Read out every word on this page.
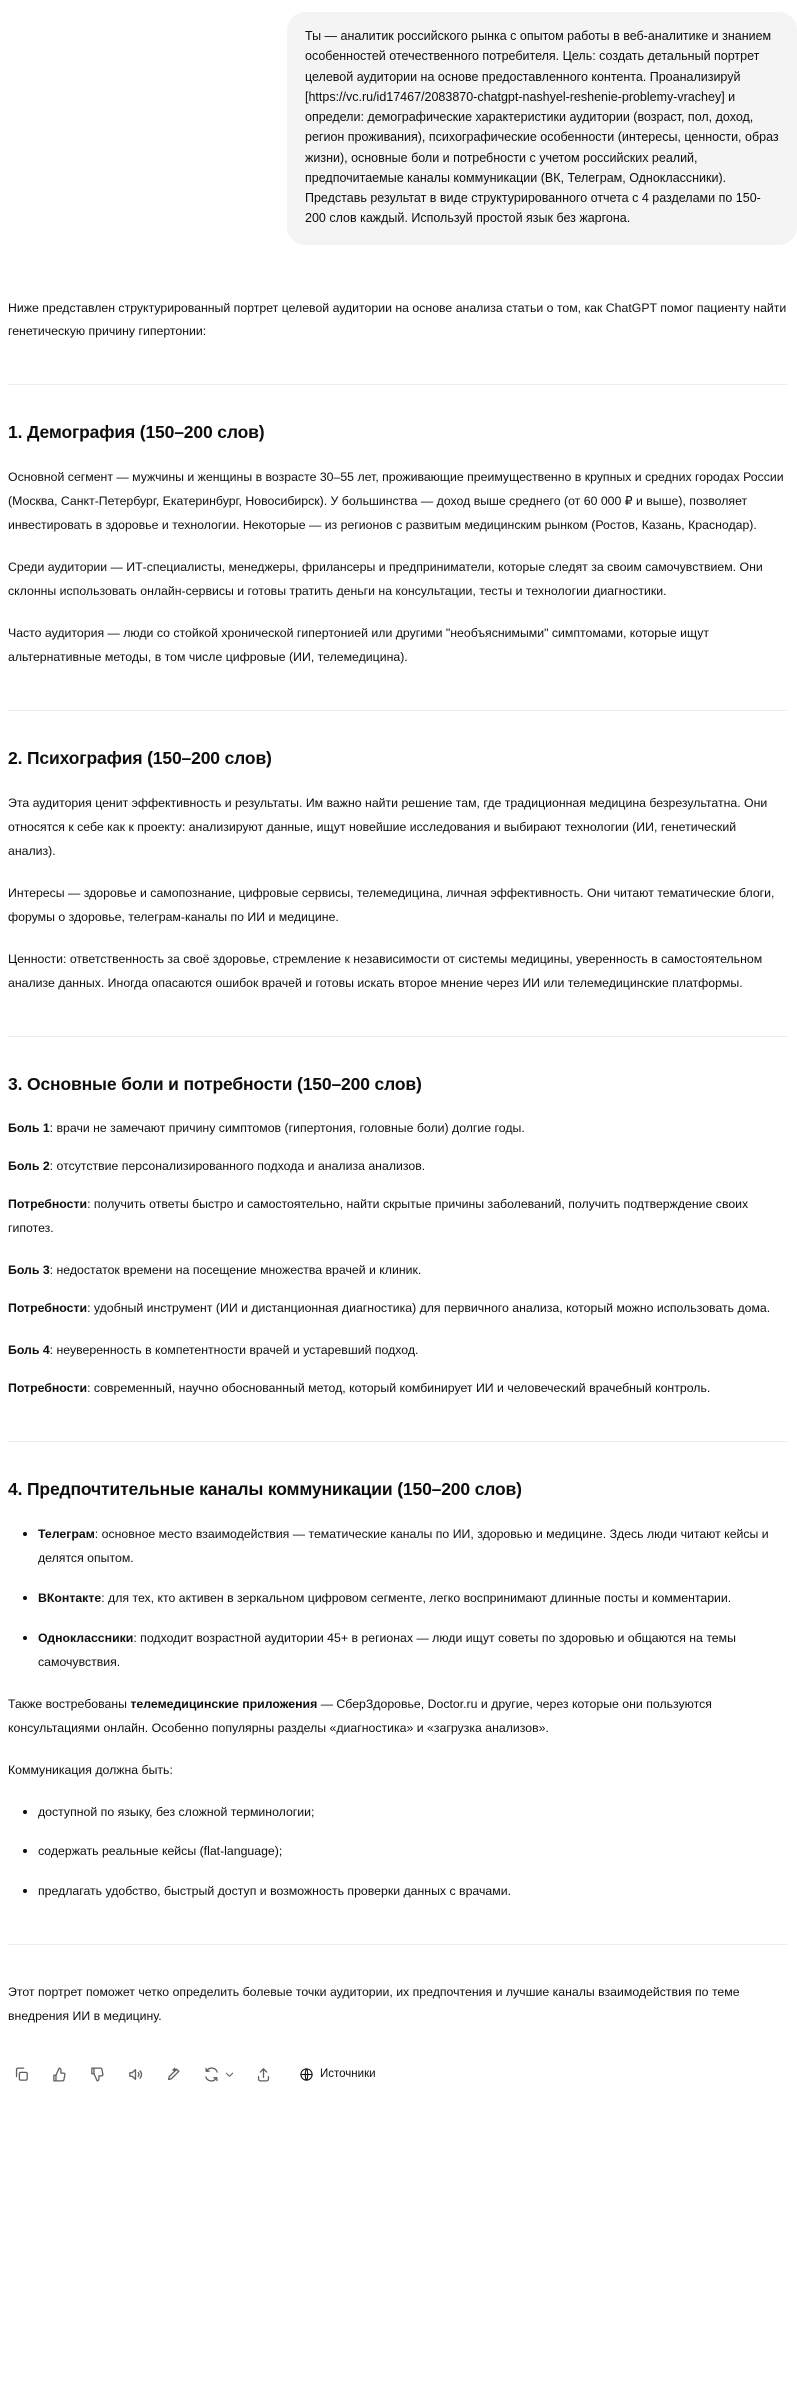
Ты — аналитик российского рынка с опытом работы в веб-аналитике и знанием особенностей отечественного потребителя. Цель: создать детальный портрет целевой аудитории на основе предоставленного контента. Проанализируй [https://vc.ru/id17467/2083870-chatgpt-nashyel-reshenie-problemy-vrachey] и определи: демографические характеристики аудитории (возраст, пол, доход, регион проживания), психографические особенности (интересы, ценности, образ жизни), основные боли и потребности с учетом российских реалий, предпочитаемые каналы коммуникации (ВК, Телеграм, Одноклассники). Представь результат в виде структурированного отчета с 4 разделами по 150-200 слов каждый. Используй простой язык без жаргона.

Ниже представлен структурированный портрет целевой аудитории на основе анализа статьи о том, как ChatGPT помог пациенту найти генетическую причину гипертонии:

1. Демография (150–200 слов)

Основной сегмент — мужчины и женщины в возрасте 30–55 лет, проживающие преимущественно в крупных и средних городах России (Москва, Санкт-Петербург, Екатеринбург, Новосибирск). У большинства — доход выше среднего (от 60 000 ₽ и выше), позволяет инвестировать в здоровье и технологии. Некоторые — из регионов с развитым медицинским рынком (Ростов, Казань, Краснодар).

Среди аудитории — ИТ-специалисты, менеджеры, фрилансеры и предприниматели, которые следят за своим самочувствием. Они склонны использовать онлайн-сервисы и готовы тратить деньги на консультации, тесты и технологии диагностики.

Часто аудитория — люди со стойкой хронической гипертонией или другими "необъяснимыми" симптомами, которые ищут альтернативные методы, в том числе цифровые (ИИ, телемедицина).

2. Психография (150–200 слов)

Эта аудитория ценит эффективность и результаты. Им важно найти решение там, где традиционная медицина безрезультатна. Они относятся к себе как к проекту: анализируют данные, ищут новейшие исследования и выбирают технологии (ИИ, генетический анализ).

Интересы — здоровье и самопознание, цифровые сервисы, телемедицина, личная эффективность. Они читают тематические блоги, форумы о здоровье, телеграм-каналы по ИИ и медицине.

Ценности: ответственность за своё здоровье, стремление к независимости от системы медицины, уверенность в самостоятельном анализе данных. Иногда опасаются ошибок врачей и готовы искать второе мнение через ИИ или телемедицинские платформы.

3. Основные боли и потребности (150–200 слов)

Боль 1: врачи не замечают причину симптомов (гипертония, головные боли) долгие годы.

Боль 2: отсутствие персонализированного подхода и анализа анализов.

Потребности: получить ответы быстро и самостоятельно, найти скрытые причины заболеваний, получить подтверждение своих гипотез.

Боль 3: недостаток времени на посещение множества врачей и клиник.

Потребности: удобный инструмент (ИИ и дистанционная диагностика) для первичного анализа, который можно использовать дома.

Боль 4: неуверенность в компетентности врачей и устаревший подход.

Потребности: современный, научно обоснованный метод, который комбинирует ИИ и человеческий врачебный контроль.

4. Предпочтительные каналы коммуникации (150–200 слов)
Телеграм: основное место взаимодействия — тематические каналы по ИИ, здоровью и медицине. Здесь люди читают кейсы и делятся опытом.
ВКонтакте: для тех, кто активен в зеркальном цифровом сегменте, легко воспринимают длинные посты и комментарии.
Одноклассники: подходит возрастной аудитории 45+ в регионах — люди ищут советы по здоровью и общаются на темы самочувствия.

Также востребованы телемедицинские приложения — СберЗдоровье, Doctor.ru и другие, через которые они пользуются консультациями онлайн. Особенно популярны разделы «диагностика» и «загрузка анализов».

Коммуникация должна быть:

доступной по языку, без сложной терминологии;
содержать реальные кейсы (flat-language);
предлагать удобство, быстрый доступ и возможность проверки данных с врачами.

Этот портрет поможет четко определить болевые точки аудитории, их предпочтения и лучшие каналы взаимодействия по теме внедрения ИИ в медицину.

Источники
